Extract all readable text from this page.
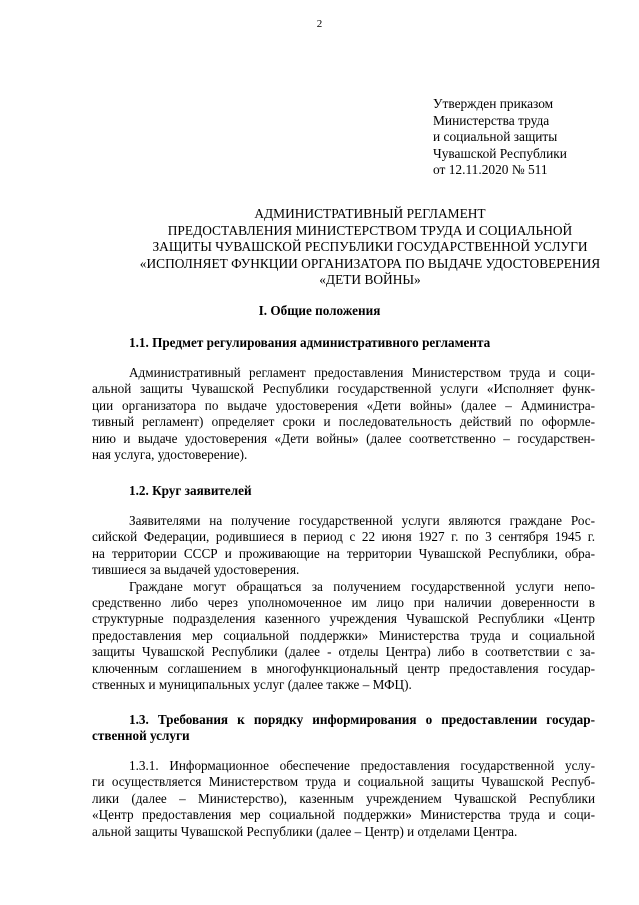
2
Утвержден приказом
Министерства труда
и социальной защиты
Чувашской Республики
от 12.11.2020 № 511
АДМИНИСТРАТИВНЫЙ РЕГЛАМЕНТ
ПРЕДОСТАВЛЕНИЯ МИНИСТЕРСТВОМ ТРУДА И СОЦИАЛЬНОЙ
ЗАЩИТЫ ЧУВАШСКОЙ РЕСПУБЛИКИ ГОСУДАРСТВЕННОЙ УСЛУГИ
«ИСПОЛНЯЕТ ФУНКЦИИ ОРГАНИЗАТОРА ПО ВЫДАЧЕ УДОСТОВЕРЕНИЯ
«ДЕТИ ВОЙНЫ»
I. Общие положения
1.1. Предмет регулирования административного регламента
Административный регламент предоставления Министерством труда и соци-
альной защиты Чувашской Республики государственной услуги «Исполняет функ-
ции организатора по выдаче удостоверения «Дети войны» (далее – Администра-
тивный регламент) определяет сроки и последовательность действий по оформле-
нию и выдаче удостоверения «Дети войны» (далее соответственно – государствен-
ная услуга, удостоверение).
1.2. Круг заявителей
Заявителями на получение государственной услуги являются граждане Рос-
сийской Федерации, родившиеся в период с 22 июня 1927 г. по 3 сентября 1945 г.
на территории СССР и проживающие на территории Чувашской Республики, обра-
тившиеся за выдачей удостоверения.
Граждане могут обращаться за получением государственной услуги непо-
средственно либо через уполномоченное им лицо при наличии доверенности в
структурные подразделения казенного учреждения Чувашской Республики «Центр
предоставления мер социальной поддержки» Министерства труда и социальной
защиты Чувашской Республики (далее - отделы Центра) либо в соответствии с за-
ключенным соглашением в многофункциональный центр предоставления государ-
ственных и муниципальных услуг (далее также – МФЦ).
1.3. Требования к порядку информирования о предоставлении государ-
ственной услуги
1.3.1. Информационное обеспечение предоставления государственной услу-
ги осуществляется Министерством труда и социальной защиты Чувашской Респуб-
лики (далее – Министерство), казенным учреждением Чувашской Республики
«Центр предоставления мер социальной поддержки» Министерства труда и соци-
альной защиты Чувашской Республики (далее – Центр) и отделами Центра.
